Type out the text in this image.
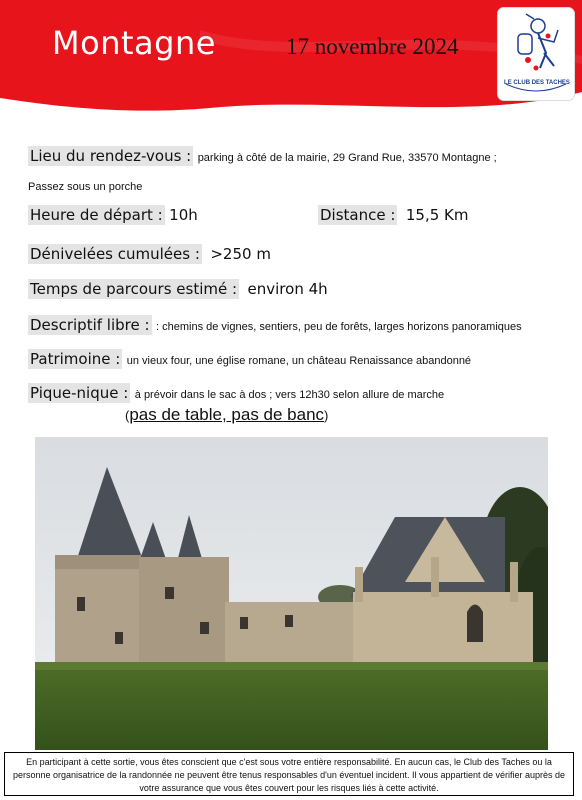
Montagne	17 novembre 2024
LE CLUB DES TACHES
Lieu du rendez-vous : parking à côté de la mairie, 29 Grand Rue, 33570 Montagne ;
Passez sous un porche
Heure de départ : 10h	Distance : 15,5 Km
Dénivelées cumulées : >250 m
Temps de parcours estimé : environ 4h
Descriptif libre : : chemins de vignes, sentiers, peu de forêts, larges horizons panoramiques
Patrimoine : un vieux four, une église romane, un château Renaissance abandonné
Pique-nique : à prévoir dans le sac à dos ; vers 12h30 selon allure de marche
(pas de table, pas de banc)
En participant à cette sortie, vous êtes conscient que c'est sous votre entière responsabilité. En aucun cas, le Club des Taches ou la personne organisatrice de la randonnée ne peuvent être tenus responsables d'un éventuel incident. Il vous appartient de vérifier auprès de votre assurance que vous êtes couvert pour les risques liés à cette activité.
